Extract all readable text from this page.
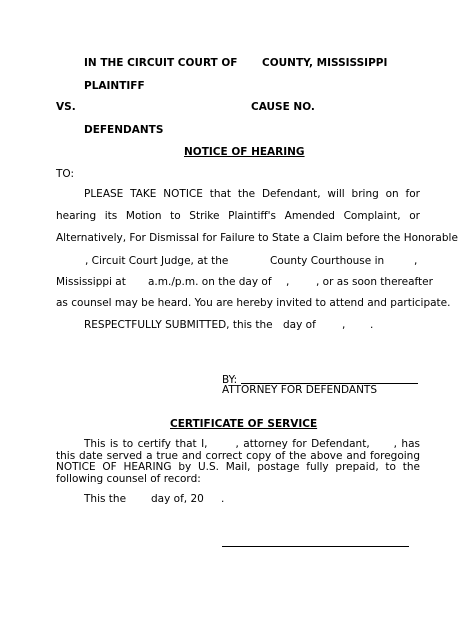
IN THE CIRCUIT COURT OF COUNTY, MISSISSIPPI
PLAINTIFF
VS.	CAUSE NO.
DEFENDANTS
NOTICE OF HEARING
TO:

PLEASE TAKE NOTICE that the Defendant, will bring on for

hearing its Motion to Strike Plaintiff's Amended Complaint, or

Alternatively, For Dismissal for Failure to State a Claim before the Honorable
, Circuit Court Judge, at the	County Courthouse in	,
Mississippi at a.m./p.m. on the day of ,	, or as soon thereafter
as counsel may be heard. You are hereby invited to attend and participate.
RESPECTFULLY SUBMITTED, this the day of , .
BY:
ATTORNEY FOR DEFENDANTS
CERTIFICATE OF SERVICE

This is to certify that I,	, attorney for Defendant, , has this date served a true and correct copy of the above and foregoing NOTICE OF HEARING by U.S. Mail, postage fully prepaid, to the following counsel of record:

This the day of, 20 .
